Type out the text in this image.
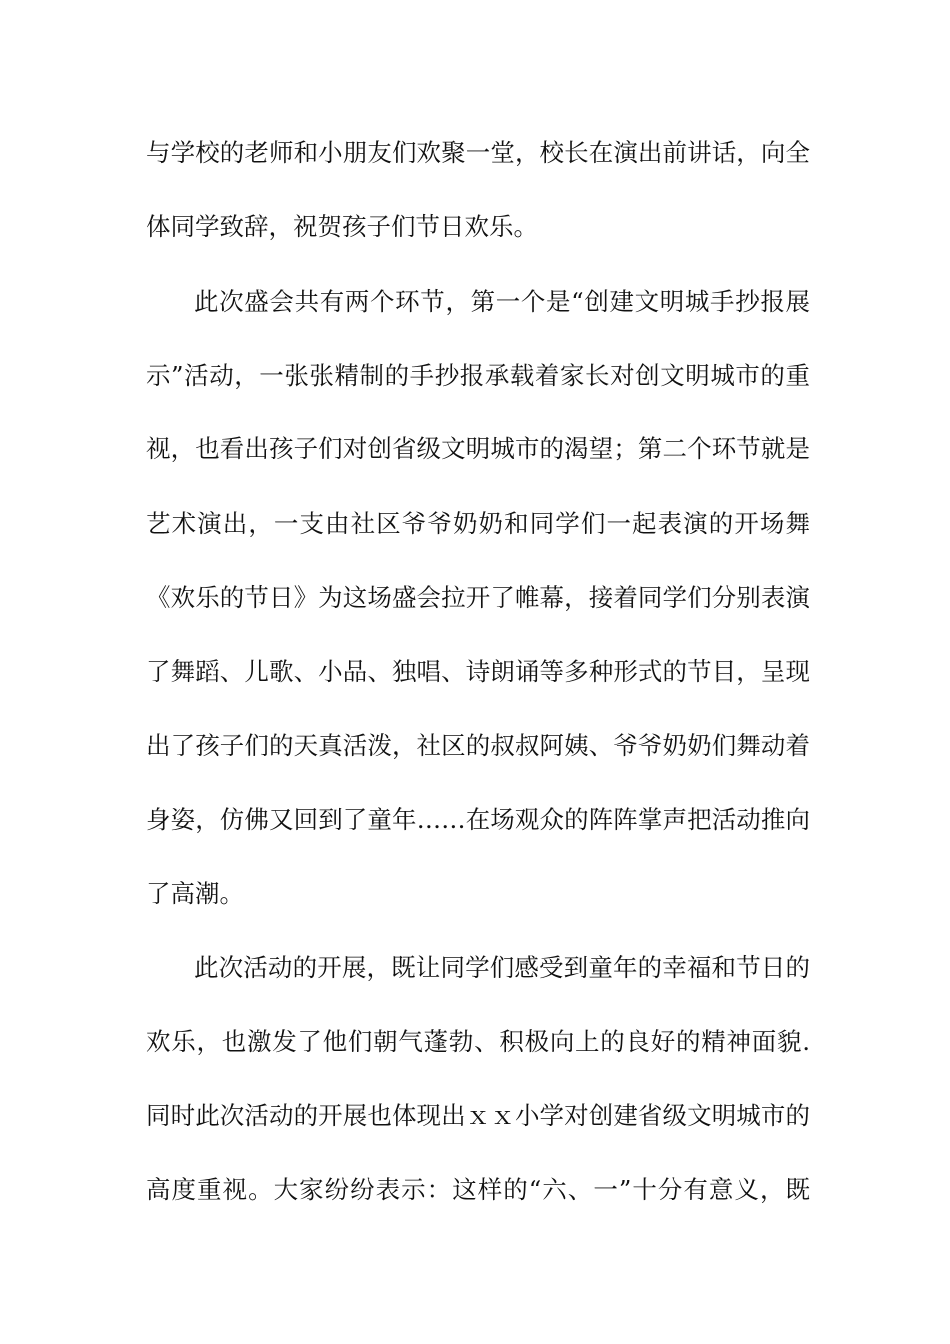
与学校的老师和小朋友们欢聚一堂，校长在演出前讲话，向全
体同学致辞，祝贺孩子们节日欢乐。
此次盛会共有两个环节，第一个是“创建文明城手抄报展
示”活动，一张张精制的手抄报承载着家长对创文明城市的重
视，也看出孩子们对创省级文明城市的渴望；第二个环节就是
艺术演出，一支由社区爷爷奶奶和同学们一起表演的开场舞
《欢乐的节日》为这场盛会拉开了帷幕，接着同学们分别表演
了舞蹈、儿歌、小品、独唱、诗朗诵等多种形式的节目，呈现
出了孩子们的天真活泼，社区的叔叔阿姨、爷爷奶奶们舞动着
身姿，仿佛又回到了童年……在场观众的阵阵掌声把活动推向
了高潮。
此次活动的开展，既让同学们感受到童年的幸福和节日的
欢乐，也激发了他们朝气蓬勃、积极向上的良好的精神面貌.
同时此次活动的开展也体现出ｘｘ小学对创建省级文明城市的
高度重视。大家纷纷表示：这样的“六、一”十分有意义，既
